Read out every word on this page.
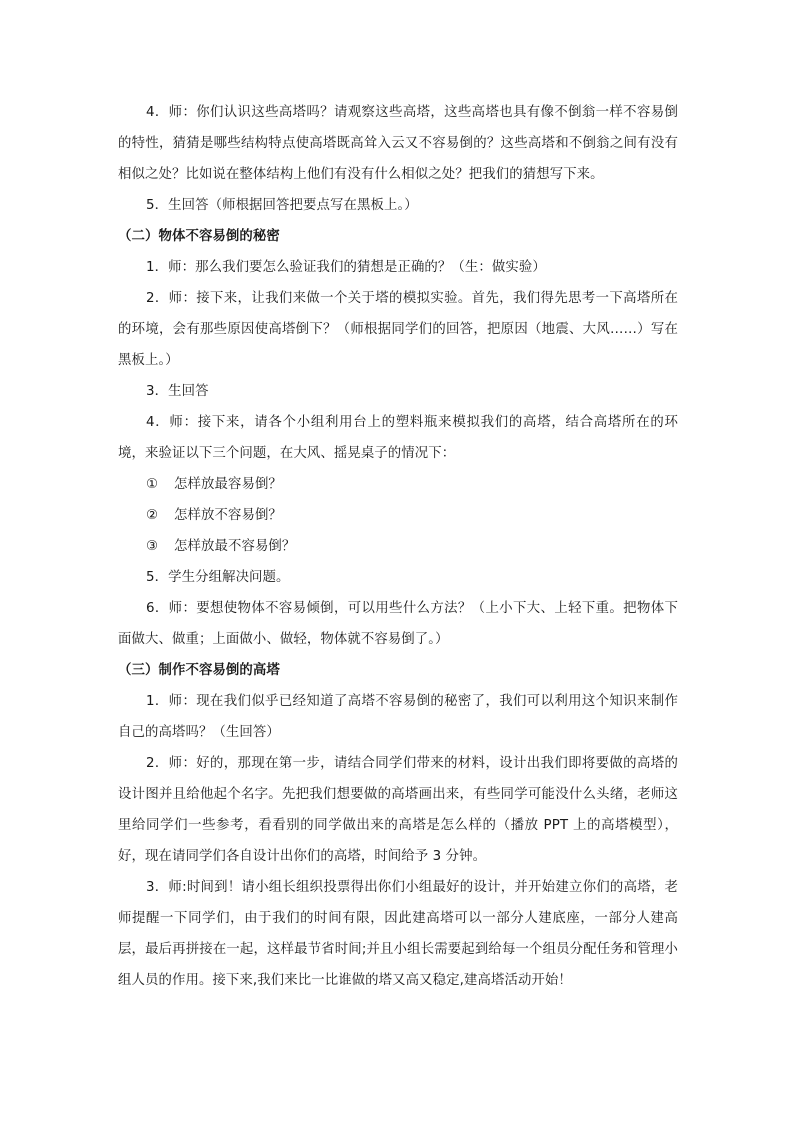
4．师：你们认识这些高塔吗？请观察这些高塔，这些高塔也具有像不倒翁一样不容易倒的特性，猜猜是哪些结构特点使高塔既高耸入云又不容易倒的？这些高塔和不倒翁之间有没有相似之处？比如说在整体结构上他们有没有什么相似之处？把我们的猜想写下来。

5．生回答（师根据回答把要点写在黑板上。）

（二）物体不容易倒的秘密

1．师：那么我们要怎么验证我们的猜想是正确的？（生：做实验）

2．师：接下来，让我们来做一个关于塔的模拟实验。首先，我们得先思考一下高塔所在的环境，会有那些原因使高塔倒下？（师根据同学们的回答，把原因（地震、大风……）写在黑板上。）

3．生回答

4．师：接下来，请各个小组利用台上的塑料瓶来模拟我们的高塔，结合高塔所在的环境，来验证以下三个问题，在大风、摇晃桌子的情况下：

① 怎样放最容易倒？

② 怎样放不容易倒？

③ 怎样放最不容易倒？

5．学生分组解决问题。

6．师：要想使物体不容易倾倒，可以用些什么方法？（上小下大、上轻下重。把物体下面做大、做重；上面做小、做轻，物体就不容易倒了。）

（三）制作不容易倒的高塔

1．师：现在我们似乎已经知道了高塔不容易倒的秘密了，我们可以利用这个知识来制作自己的高塔吗？（生回答）

2．师：好的，那现在第一步，请结合同学们带来的材料，设计出我们即将要做的高塔的设计图并且给他起个名字。先把我们想要做的高塔画出来，有些同学可能没什么头绪，老师这里给同学们一些参考，看看别的同学做出来的高塔是怎么样的（播放 PPT 上的高塔模型），好，现在请同学们各自设计出你们的高塔，时间给予 3 分钟。

3．师:时间到！请小组长组织投票得出你们小组最好的设计，并开始建立你们的高塔，老师提醒一下同学们，由于我们的时间有限，因此建高塔可以一部分人建底座，一部分人建高层，最后再拼接在一起，这样最节省时间;并且小组长需要起到给每一个组员分配任务和管理小组人员的作用。接下来,我们来比一比谁做的塔又高又稳定,建高塔活动开始！
